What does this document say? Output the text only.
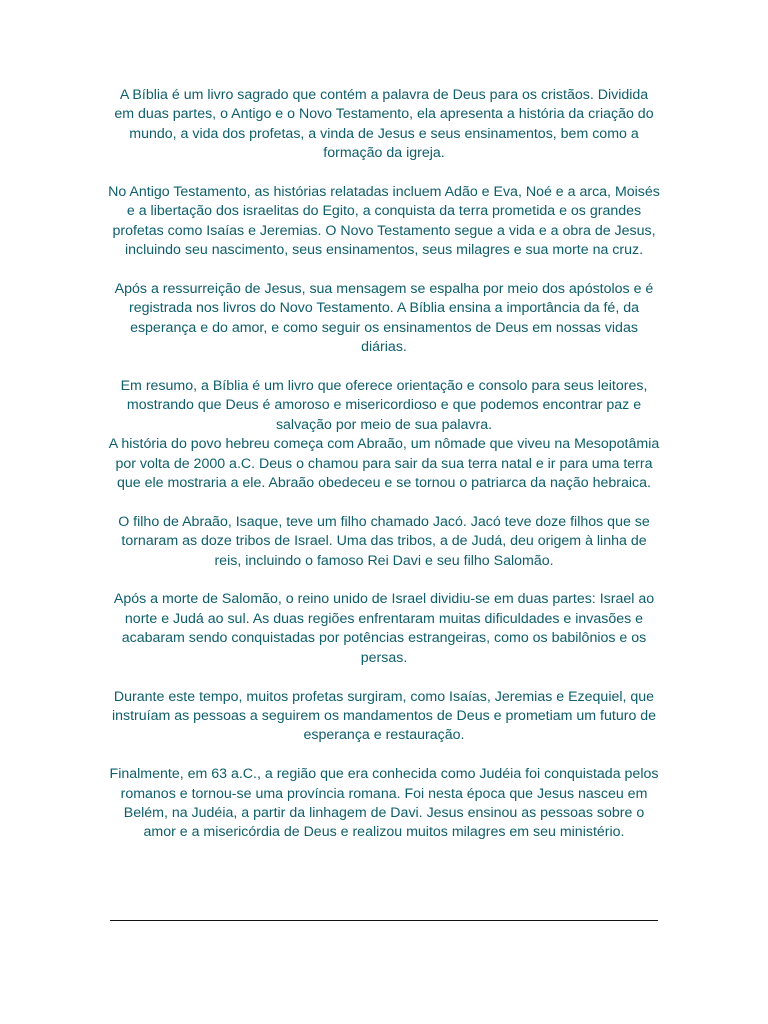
A Bíblia é um livro sagrado que contém a palavra de Deus para os cristãos. Dividida em duas partes, o Antigo e o Novo Testamento, ela apresenta a história da criação do mundo, a vida dos profetas, a vinda de Jesus e seus ensinamentos, bem como a formação da igreja.

No Antigo Testamento, as histórias relatadas incluem Adão e Eva, Noé e a arca, Moisés e a libertação dos israelitas do Egito, a conquista da terra prometida e os grandes profetas como Isaías e Jeremias. O Novo Testamento segue a vida e a obra de Jesus, incluindo seu nascimento, seus ensinamentos, seus milagres e sua morte na cruz.

Após a ressurreição de Jesus, sua mensagem se espalha por meio dos apóstolos e é registrada nos livros do Novo Testamento. A Bíblia ensina a importância da fé, da esperança e do amor, e como seguir os ensinamentos de Deus em nossas vidas diárias.

Em resumo, a Bíblia é um livro que oferece orientação e consolo para seus leitores, mostrando que Deus é amoroso e misericordioso e que podemos encontrar paz e salvação por meio de sua palavra.

A história do povo hebreu começa com Abraão, um nômade que viveu na Mesopotâmia por volta de 2000 a.C. Deus o chamou para sair da sua terra natal e ir para uma terra que ele mostraria a ele. Abraão obedeceu e se tornou o patriarca da nação hebraica.

O filho de Abraão, Isaque, teve um filho chamado Jacó. Jacó teve doze filhos que se tornaram as doze tribos de Israel. Uma das tribos, a de Judá, deu origem à linha de reis, incluindo o famoso Rei Davi e seu filho Salomão.

Após a morte de Salomão, o reino unido de Israel dividiu-se em duas partes: Israel ao norte e Judá ao sul. As duas regiões enfrentaram muitas dificuldades e invasões e acabaram sendo conquistadas por potências estrangeiras, como os babilônios e os persas.

Durante este tempo, muitos profetas surgiram, como Isaías, Jeremias e Ezequiel, que instruíam as pessoas a seguirem os mandamentos de Deus e prometiam um futuro de esperança e restauração.

Finalmente, em 63 a.C., a região que era conhecida como Judéia foi conquistada pelos romanos e tornou-se uma província romana. Foi nesta época que Jesus nasceu em Belém, na Judéia, a partir da linhagem de Davi. Jesus ensinou as pessoas sobre o amor e a misericórdia de Deus e realizou muitos milagres em seu ministério.
